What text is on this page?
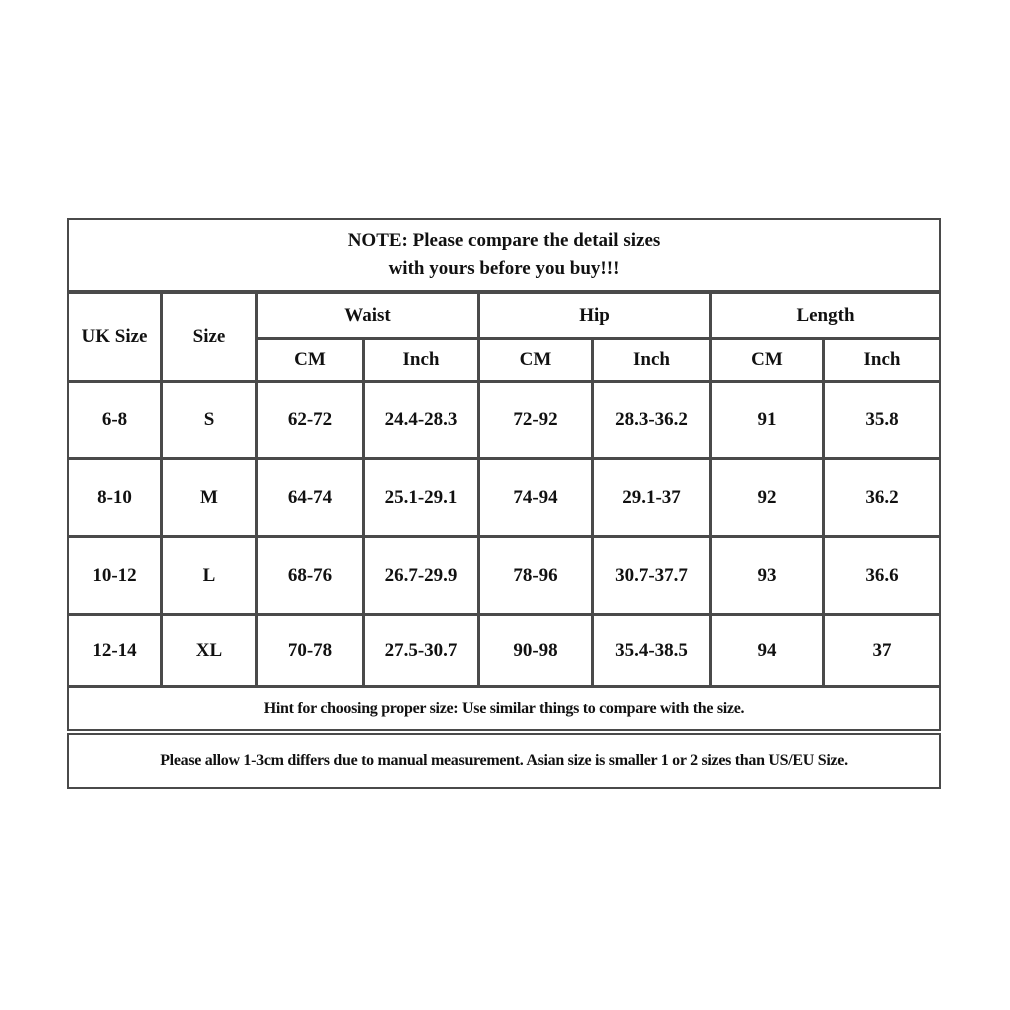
NOTE: Please compare the detail sizes
with yours before you buy!!!
UK Size	Size
Waist	Hip	Length
CM	Inch	CM	Inch	CM	Inch
6-8	S	62-72	24.4-28.3	72-92	28.3-36.2	91	35.8
8-10	M	64-74	25.1-29.1	74-94	29.1-37	92	36.2
10-12	L	68-76	26.7-29.9	78-96	30.7-37.7	93	36.6
12-14	XL	70-78	27.5-30.7	90-98	35.4-38.5	94	37
Hint for choosing proper size: Use similar things to compare with the size.
Please allow 1-3cm differs due to manual measurement. Asian size is smaller 1 or 2 sizes than US/EU Size.
